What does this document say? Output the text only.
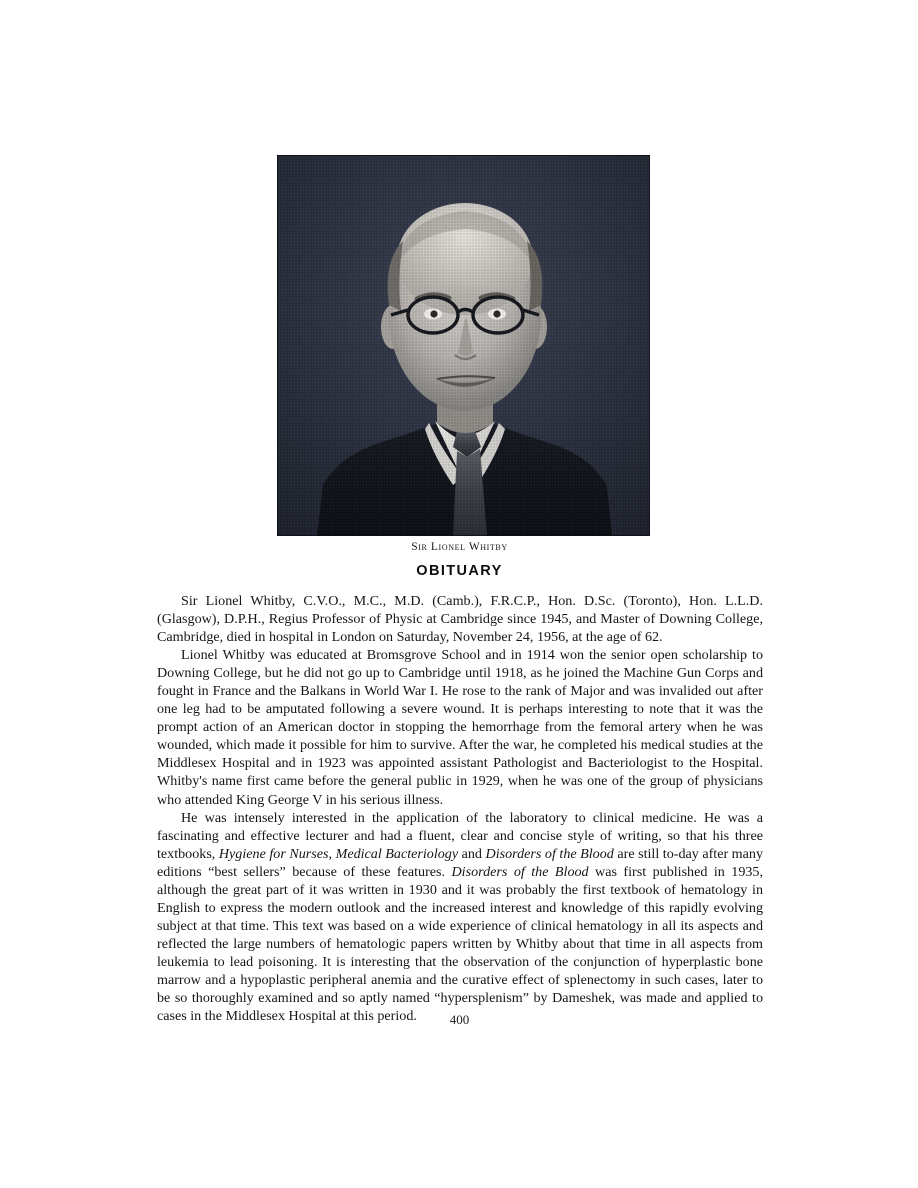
Sir Lionel Whitby
OBITUARY

Sir Lionel Whitby, C.V.O., M.C., M.D. (Camb.), F.R.C.P., Hon. D.Sc. (Toronto), Hon. L.L.D. (Glasgow), D.P.H., Regius Professor of Physic at Cambridge since 1945, and Master of Downing College, Cambridge, died in hospital in London on Saturday, November 24, 1956, at the age of 62.

Lionel Whitby was educated at Bromsgrove School and in 1914 won the senior open scholarship to Downing College, but he did not go up to Cambridge until 1918, as he joined the Machine Gun Corps and fought in France and the Balkans in World War I. He rose to the rank of Major and was invalided out after one leg had to be amputated following a severe wound. It is perhaps interesting to note that it was the prompt action of an American doctor in stopping the hemorrhage from the femoral artery when he was wounded, which made it possible for him to survive. After the war, he completed his medical studies at the Middlesex Hospital and in 1923 was appointed assistant Pathologist and Bacteriologist to the Hospital. Whitby's name first came before the general public in 1929, when he was one of the group of physicians who attended King George V in his serious illness.

He was intensely interested in the application of the laboratory to clinical medicine. He was a fascinating and effective lecturer and had a fluent, clear and concise style of writing, so that his three textbooks, Hygiene for Nurses, Medical Bacteriology and Disorders of the Blood are still to-day after many editions “best sellers” because of these features. Disorders of the Blood was first published in 1935, although the great part of it was written in 1930 and it was probably the first textbook of hematology in English to express the modern outlook and the increased interest and knowledge of this rapidly evolving subject at that time. This text was based on a wide experience of clinical hematology in all its aspects and reflected the large numbers of hematologic papers written by Whitby about that time in all aspects from leukemia to lead poisoning. It is interesting that the observation of the conjunction of hyperplastic bone marrow and a hypoplastic peripheral anemia and the curative effect of splenectomy in such cases, later to be so thoroughly examined and so aptly named “hypersplenism” by Dameshek, was made and applied to cases in the Middlesex Hospital at this period.	400
